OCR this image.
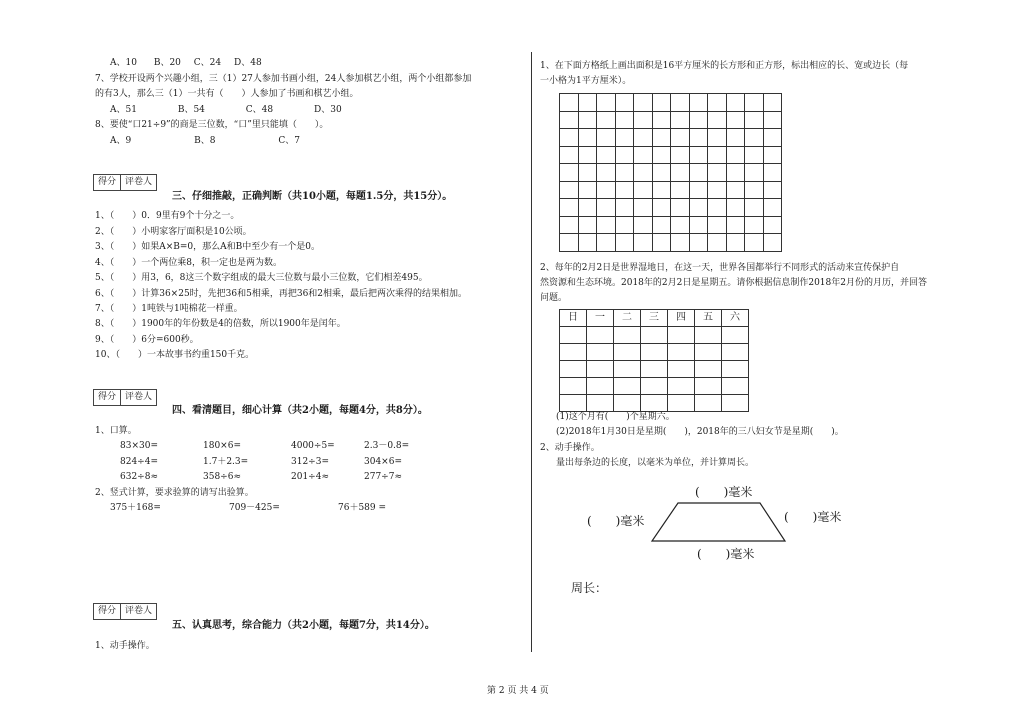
A、10 B、20 C、24 D、48
7、学校开设两个兴趣小组，三（1）27人参加书画小组，24人参加棋艺小组，两个小组都参加
的有3人，那么三（1）一共有（　　）人参加了书画和棋艺小组。
A、51	B、54	C、48	D、30
8、要使“口21÷9”的商是三位数，“口”里只能填（　　）。
A、9	B、8	C、7
得分	评卷人
三、仔细推敲，正确判断（共10小题，每题1.5分，共15分）。
1、（　　）0．9里有9个十分之一。
2、（　　）小明家客厅面积是10公顷。
3、（　　）如果A×B=0，那么A和B中至少有一个是0。
4、（　　）一个两位乘8，积一定也是两为数。
5、（　　）用3，6，8这三个数字组成的最大三位数与最小三位数，它们相差495。
6、（　　）计算36×25时，先把36和5相乘，再把36和2相乘，最后把两次乘得的结果相加。
7、（　　）1吨铁与1吨棉花一样重。
8、（　　）1900年的年份数是4的倍数，所以1900年是闰年。
9、（　　）6分=600秒。
10、（　　）一本故事书约重150千克。
得分	评卷人
四、看清题目，细心计算（共2小题，每题4分，共8分）。
1、口算。
83×30=	180×6=	4000÷5=	2.3－0.8=
824÷4=	1.7＋2.3=	312÷3=	304×6=
632÷8≈	358÷6≈	201÷4≈	277÷7≈
2、竖式计算，要求验算的请写出验算。
375＋168=	709－425=	76＋589 =
得分	评卷人
五、认真思考，综合能力（共2小题，每题7分，共14分）。
1、动手操作。
1、在下面方格纸上画出面积是16平方厘米的长方形和正方形，标出相应的长、宽或边长（每
一小格为1平方厘米）。

2、每年的2月2日是世界湿地日，在这一天，世界各国都举行不同形式的活动来宣传保护自
然资源和生态环境。2018年的2月2日是星期五。请你根据信息制作2018年2月份的月历，并回答
问题。
日	一	二	三	四	五	六

(1)这个月有(　　)个星期六。
(2)2018年1月30日是星期(　　)，2018年的三八妇女节是星期(　　)。
2、动手操作。
量出每条边的长度，以毫米为单位，并计算周长。
(　　)毫米
(　　)毫米	(　　)毫米
(　　)毫米
周长：
第 2 页 共 4 页
